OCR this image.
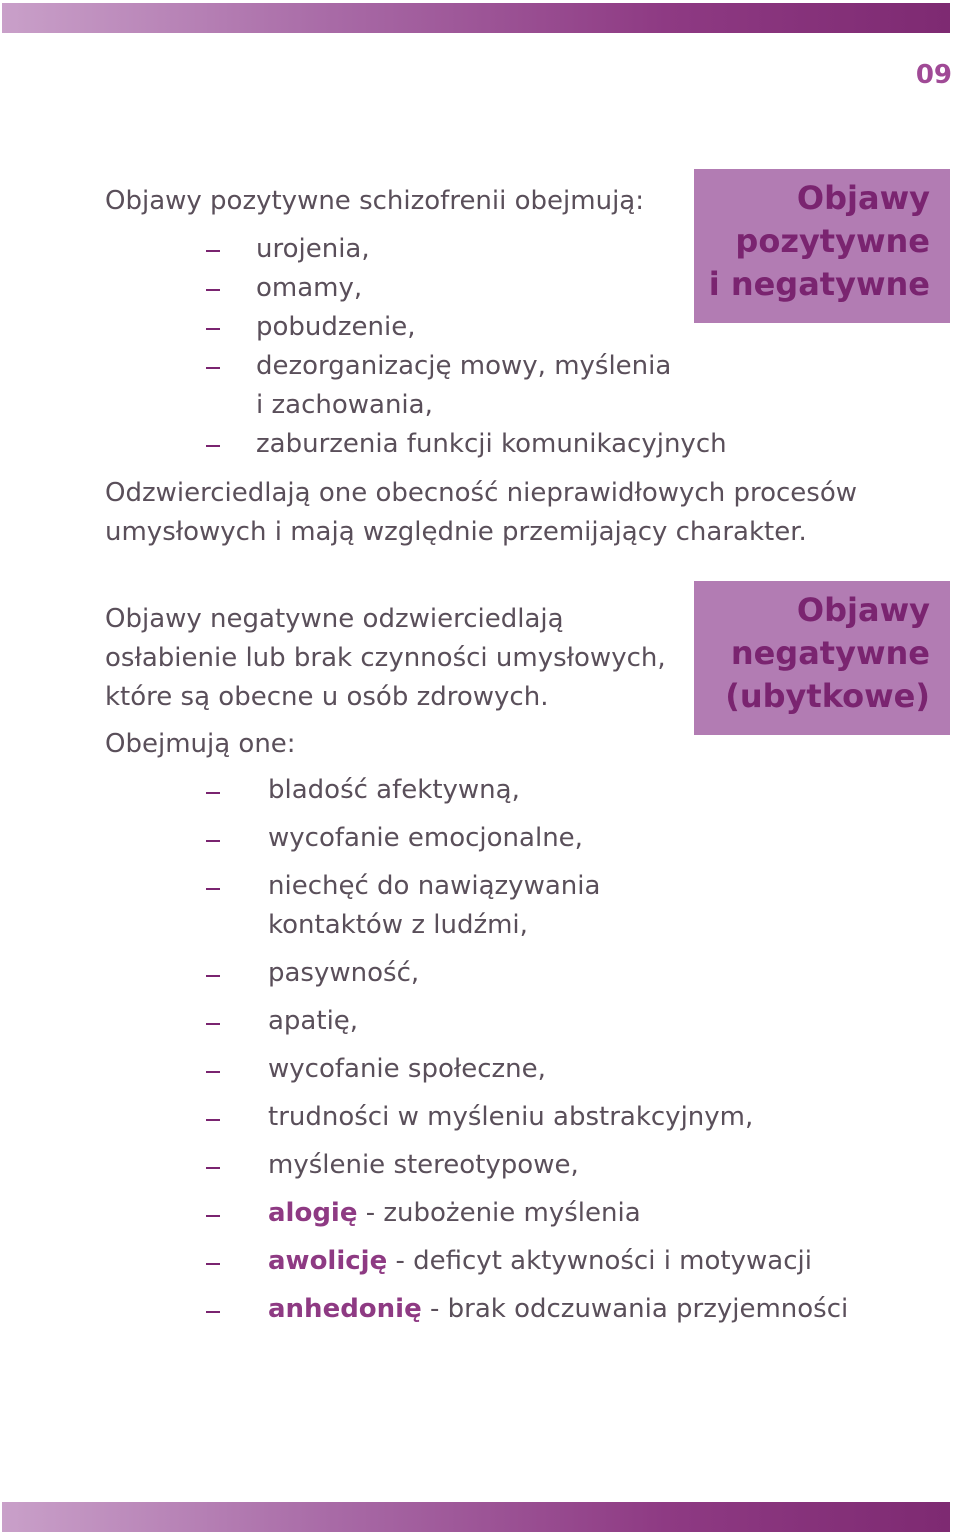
09
Objawy
pozytywne
i negatywne
Objawy
negatywne
(ubytkowe)
Objawy pozytywne schizofrenii obejmują:
urojenia,
omamy,
pobudzenie,
dezorganizację mowy, myślenia
i zachowania,
zaburzenia funkcji komunikacyjnych
Odzwierciedlają one obecność nieprawidłowych procesów
umysłowych i mają względnie przemijający charakter.
Objawy negatywne odzwierciedlają
osłabienie lub brak czynności umysłowych,
które są obecne u osób zdrowych.
Obejmują one:
bladość afektywną,
wycofanie emocjonalne,
niechęć do nawiązywania
kontaktów z ludźmi,
pasywność,
apatię,
wycofanie społeczne,
trudności w myśleniu abstrakcyjnym,
myślenie stereotypowe,
alogię - zubożenie myślenia
awolicję - deficyt aktywności i motywacji
anhedonię - brak odczuwania przyjemności
